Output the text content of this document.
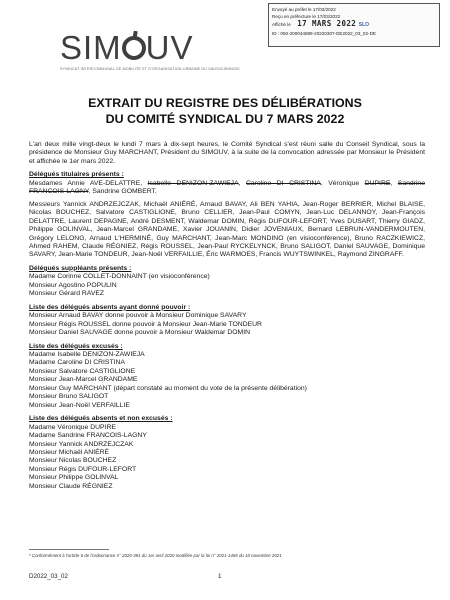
Envoyé au préfet le 17/03/2022
Reçu en préfecture le 17/03/2022
Affiché le 17 MARS 2022 SLO
ID : 050-200044889-20220307-DE2022_03_02-DE
SIM UV
SYNDICAT INTERCOMMUNAL DE MOBILITÉ ET D'ORGANISATION URBAINE DU VALENCIENNOIS
EXTRAIT DU REGISTRE DES DÉLIBÉRATIONS
DU COMITÉ SYNDICAL DU 7 MARS 2022
L'an deux mille vingt-deux le lundi 7 mars à dix-sept heures, le Comité Syndical s'est réuni salle du Conseil Syndical, sous la présidence de Monsieur Guy MARCHANT, Président du SIMOUV, à la suite de la convocation adressée par Monsieur le Président et affichée le 1er mars 2022.
Délégués titulaires présents :
Mesdames Annie AVE-DELATTRE, Isabelle DENIZON-ZAWIEJA, Caroline DI CRISTINA, Véronique DUPIRE, Sandrine FRANCOIS-LAGNY, Sandrine GOMBERT.
Messieurs Yannick ANDRZEJCZAK, Michaël ANIÉRÉ, Arnaud BAVAY, Ali BEN YAHIA, Jean-Roger BERRIER, Michel BLAISE, Nicolas BOUCHEZ, Salvatore CASTIGLIONE, Bruno CELLIER, Jean-Paul COMYN, Jean-Luc DELANNOY, Jean-François DELATTRE, Laurent DEPAGNE, André DESMENT, Waldemar DOMIN, Régis DUFOUR-LEFORT, Yves DUSART, Thierry GIADZ, Philippe GOLINVAL, Jean-Marcel GRANDAME, Xavier JOUANIN, Didier JOVENIAUX, Bernard LEBRUN-VANDERMOUTEN, Grégory LELONG, Arnaud L'HERMINÉ, Guy MARCHANT, Jean-Marc MONDINO (en visioconférence), Bruno RACZKIEWICZ, Ahmed RAHEM, Claude RÉGNIEZ, Régis ROUSSEL, Jean-Paul RYCKELYNCK, Bruno SALIGOT, Daniel SAUVAGE, Dominique SAVARY, Jean-Marie TONDEUR, Jean-Noël VERFAILLIE, Éric WARMOES, Francis WUYTSWINKEL, Raymond ZINGRAFF.
Délégués suppléants présents :
Madame Corinne COLLET-DONNAINT (en visioconférence)
Monsieur Agostino POPULIN
Monsieur Gérard RAVEZ
Liste des délégués absents ayant donné pouvoir :
Monsieur Arnaud BAVAY donne pouvoir à Monsieur Dominique SAVARY
Monsieur Régis ROUSSEL donne pouvoir à Monsieur Jean-Marie TONDEUR
Monsieur Daniel SAUVAGE donne pouvoir à Monsieur Waldemar DOMIN
Liste des délégués excusés :
Madame Isabelle DENIZON-ZAWIEJA
Madame Caroline DI CRISTINA
Monsieur Salvatore CASTIGLIONE
Monsieur Jean-Marcel GRANDAME
Monsieur Guy MARCHANT (départ constaté au moment du vote de la présente délibération)
Monsieur Bruno SALIGOT
Monsieur Jean-Noël VERFAILLIE
Liste des délégués absents et non excusés :
Madame Véronique DUPIRE
Madame Sandrine FRANCOIS-LAGNY
Monsieur Yannick ANDRZEJCZAK
Monsieur Michaël ANIÉRÉ
Monsieur Nicolas BOUCHEZ
Monsieur Régis DUFOUR-LEFORT
Monsieur Philippe GOLINVAL
Monsieur Claude RÉGNIEZ
* Conformément à l'article 6 de l'ordonnance n° 2020-391 du 1er avril 2020 modifiée par la loi n° 2021-1465 du 10 novembre 2021
D2022_03_02	1
